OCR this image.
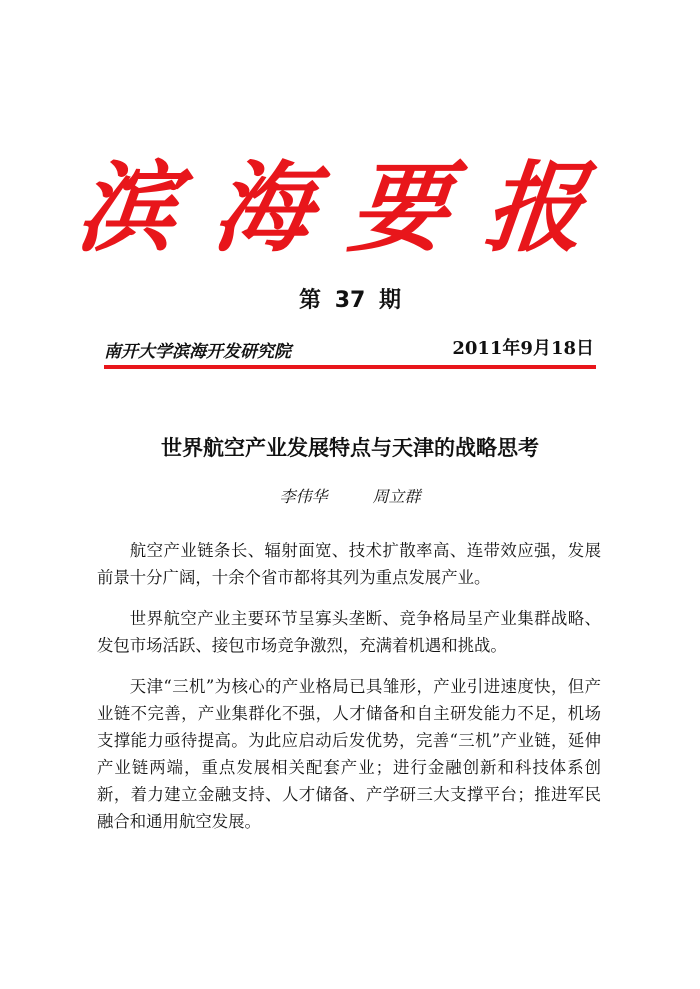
滨海要报
第 37 期
南开大学滨海开发研究院	2011年9月18日
世界航空产业发展特点与天津的战略思考
李伟华	周立群

航空产业链条长、辐射面宽、技术扩散率高、连带效应强，发展前景十分广阔，十余个省市都将其列为重点发展产业。

世界航空产业主要环节呈寡头垄断、竞争格局呈产业集群战略、发包市场活跃、接包市场竞争激烈，充满着机遇和挑战。

天津“三机”为核心的产业格局已具雏形，产业引进速度快，但产业链不完善，产业集群化不强，人才储备和自主研发能力不足，机场支撑能力亟待提高。为此应启动后发优势，完善“三机”产业链，延伸产业链两端，重点发展相关配套产业；进行金融创新和科技体系创新，着力建立金融支持、人才储备、产学研三大支撑平台；推进军民融合和通用航空发展。
